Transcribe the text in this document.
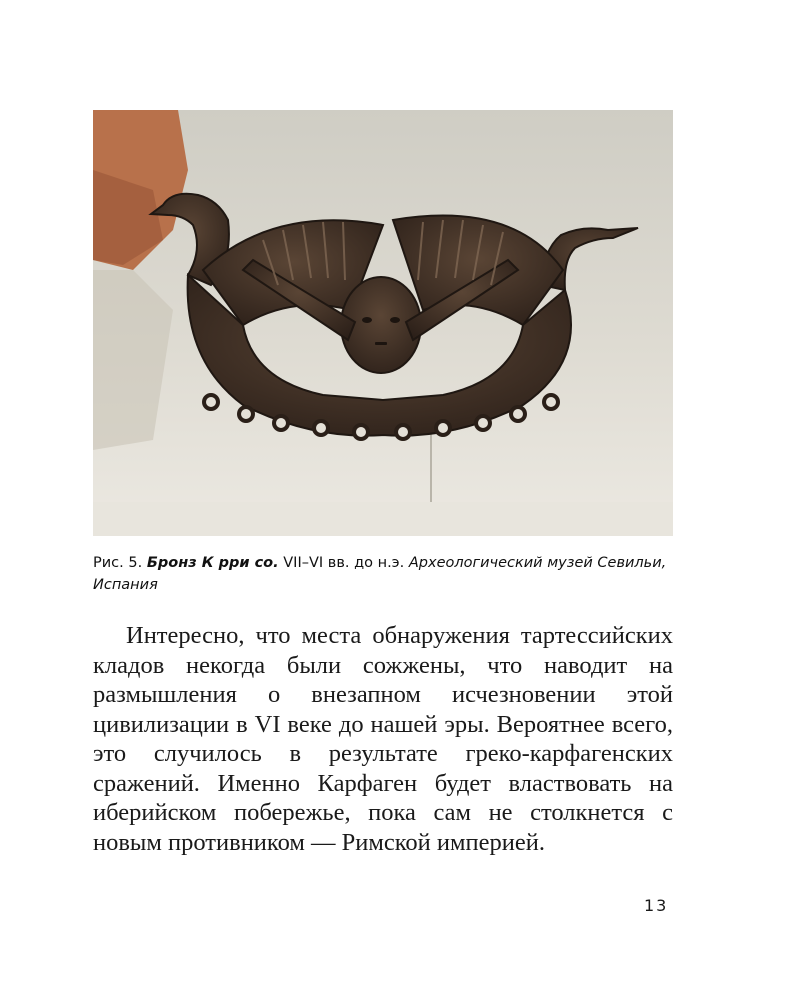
Рис. 5. Бронз К рри со. VII–VI вв. до н.э. Археологический музей Севильи, Испания

Интересно, что места обнаружения тартессийских кладов некогда были сожжены, что наводит на размышления о внезапном исчезновении этой цивилизации в VI веке до нашей эры. Вероятнее всего, это случилось в результате греко-карфагенских сражений. Именно Карфаген будет властвовать на иберийском побережье, пока сам не столкнется с новым противником — Римской империей.

13
